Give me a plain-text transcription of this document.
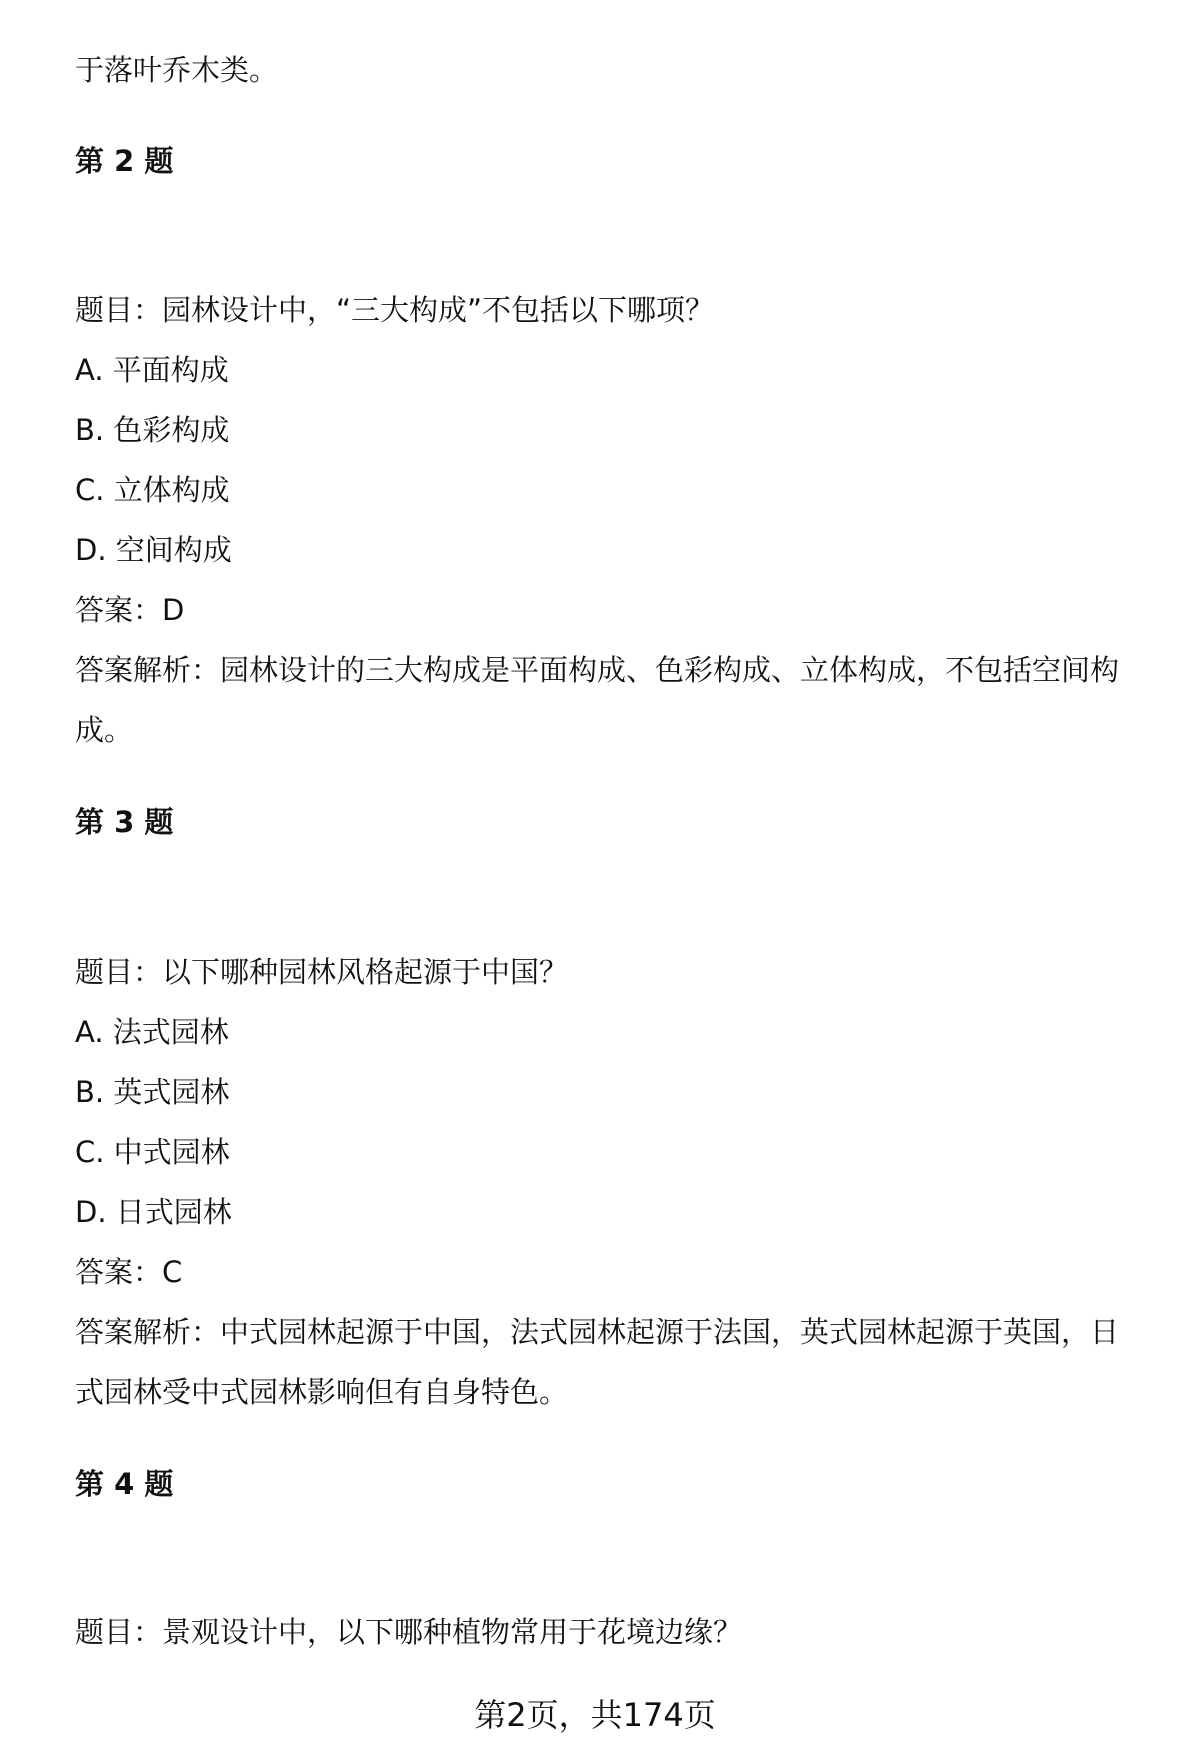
于落叶乔木类。
第 2 题
题目：园林设计中，“三大构成”不包括以下哪项？
A. 平面构成
B. 色彩构成
C. 立体构成
D. 空间构成
答案：D
答案解析：园林设计的三大构成是平面构成、色彩构成、立体构成，不包括空间构
成。
第 3 题
题目：以下哪种园林风格起源于中国？
A. 法式园林
B. 英式园林
C. 中式园林
D. 日式园林
答案：C
答案解析：中式园林起源于中国，法式园林起源于法国，英式园林起源于英国，日
式园林受中式园林影响但有自身特色。
第 4 题
题目：景观设计中，以下哪种植物常用于花境边缘？
第2页，共174页
